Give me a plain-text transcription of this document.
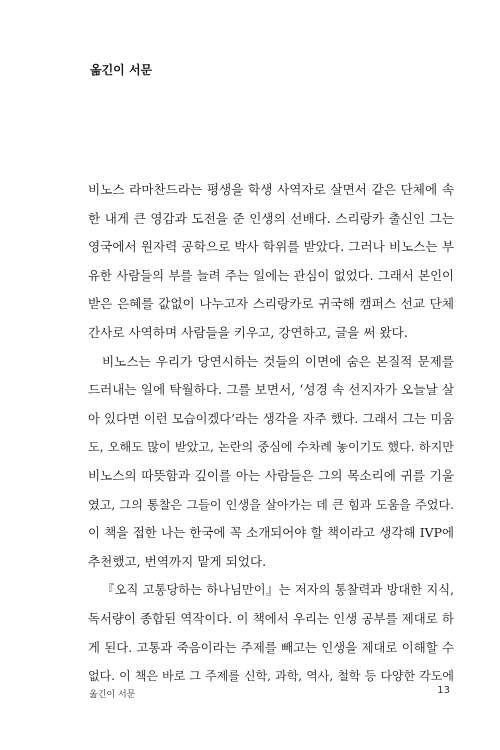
옮긴이 서문

비노스 라마찬드라는 평생을 학생 사역자로 살면서 같은 단체에 속
한 내게 큰 영감과 도전을 준 인생의 선배다. 스리랑카 출신인 그는
영국에서 원자력 공학으로 박사 학위를 받았다. 그러나 비노스는 부
유한 사람들의 부를 늘려 주는 일에는 관심이 없었다. 그래서 본인이
받은 은혜를 값없이 나누고자 스리랑카로 귀국해 캠퍼스 선교 단체
간사로 사역하며 사람들을 키우고, 강연하고, 글을 써 왔다.

비노스는 우리가 당연시하는 것들의 이면에 숨은 본질적 문제를
드러내는 일에 탁월하다. 그를 보면서, ‘성경 속 선지자가 오늘날 살
아 있다면 이런 모습이겠다’라는 생각을 자주 했다. 그래서 그는 미움
도, 오해도 많이 받았고, 논란의 중심에 수차례 놓이기도 했다. 하지만
비노스의 따뜻함과 깊이를 아는 사람들은 그의 목소리에 귀를 기울
였고, 그의 통찰은 그들이 인생을 살아가는 데 큰 힘과 도움을 주었다.
이 책을 접한 나는 한국에 꼭 소개되어야 할 책이라고 생각해 IVP에
추천했고, 번역까지 맡게 되었다.

『오직 고통당하는 하나님만이』는 저자의 통찰력과 방대한 지식,
독서량이 종합된 역작이다. 이 책에서 우리는 인생 공부를 제대로 하
게 된다. 고통과 죽음이라는 주제를 빼고는 인생을 제대로 이해할 수
없다. 이 책은 바로 그 주제를 신학, 과학, 역사, 철학 등 다양한 각도에

옮긴이 서문	13
